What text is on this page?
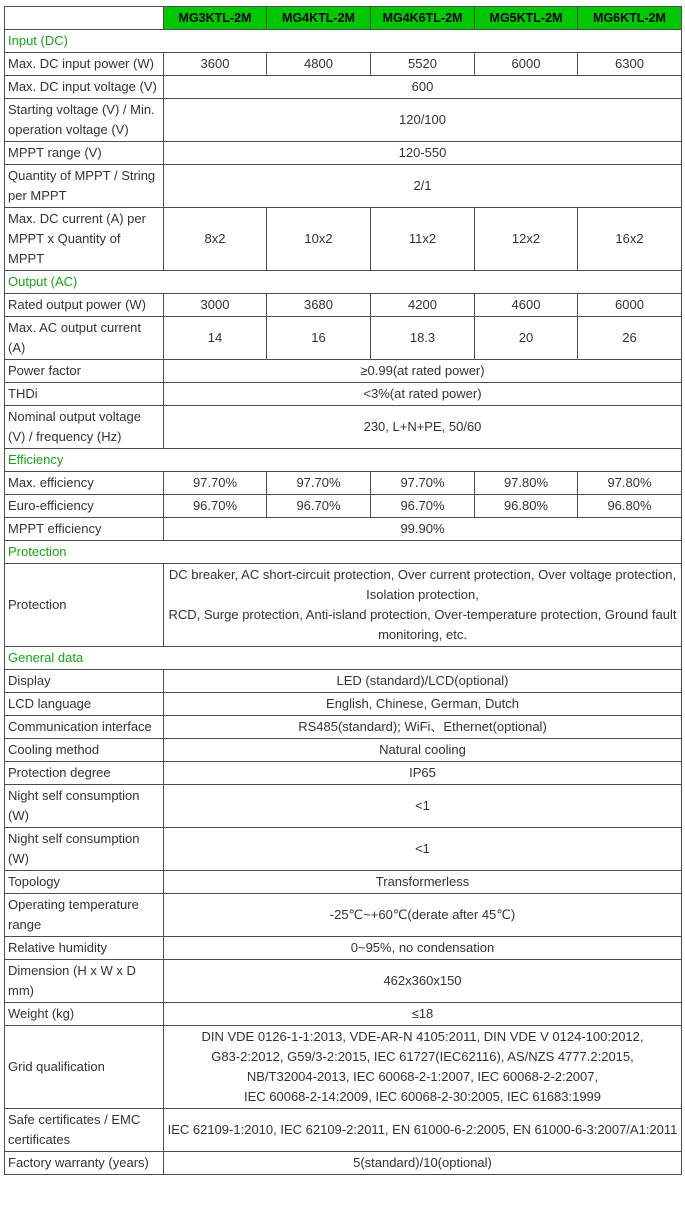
	MG3KTL-2M	MG4KTL-2M	MG4K6TL-2M	MG5KTL-2M	MG6KTL-2M
Input (DC)					
Max. DC input power (W)	3600	4800	5520	6000	6300
Max. DC input voltage (V)	600				

Starting voltage (V) / Min. operation voltage (V)	120/100				

MPPT range (V)	120-550				

Quantity of MPPT / String per MPPT	2/1				

Max. DC current (A) per MPPT x Quantity of MPPT	8x2	10x2	11x2	12x2	16x2
Output (AC)					
Rated output power (W)	3000	3680	4200	4600	6000
Max. AC output current (A)	14	16	18.3	20	26
Power factor	≥0.99(at rated power)				

THDi	<3%(at rated power)				

Nominal output voltage (V) / frequency (Hz)	230, L+N+PE, 50/60				

Efficiency					
Max. efficiency	97.70%	97.70%	97.70%	97.80%	97.80%
Euro-efficiency	96.70%	96.70%	96.70%	96.80%	96.80%
MPPT efficiency	99.90%				

Protection					
Protection	DC breaker, AC short-circuit protection, Over current protection, Over voltage protection, Isolation protection,
RCD, Surge protection, Anti-island protection, Over-temperature protection, Ground fault monitoring, etc.				

General data					
Display	LED (standard)/LCD(optional)				

LCD language	English, Chinese, German, Dutch				

Communication interface	RS485(standard); WiFi、Ethernet(optional)				

Cooling method	Natural cooling				

Protection degree	IP65				

Night self consumption (W)	<1				

Night self consumption (W)	<1				

Topology	Transformerless				

Operating temperature range	-25℃~+60℃(derate after 45℃)				

Relative humidity	0~95%, no condensation				

Dimension (H x W x D mm)	462x360x150				

Weight (kg)	≤18				

Grid qualification	DIN VDE 0126-1-1:2013, VDE-AR-N 4105:2011, DIN VDE V 0124-100:2012,
G83-2:2012, G59/3-2:2015, IEC 61727(IEC62116), AS/NZS 4777.2:2015,
NB/T32004-2013, IEC 60068-2-1:2007, IEC 60068-2-2:2007,
IEC 60068-2-14:2009, IEC 60068-2-30:2005, IEC 61683:1999				

Safe certificates / EMC certificates	IEC 62109-1:2010, IEC 62109-2:2011, EN 61000-6-2:2005, EN 61000-6-3:2007/A1:2011				

Factory warranty (years)	5(standard)/10(optional)				
